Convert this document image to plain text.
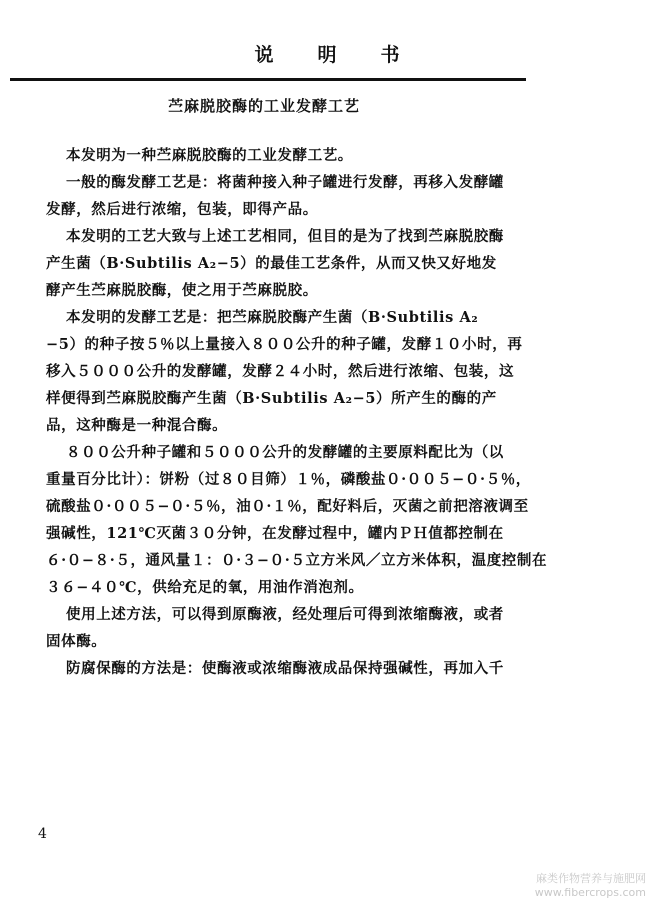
说明书
苎麻脱胶酶的工业发酵工艺
本发明为一种苎麻脱胶酶的工业发酵工艺。
一般的酶发酵工艺是：将菌种接入种子罐进行发酵，再移入发酵罐
发酵，然后进行浓缩，包装，即得产品。
本发明的工艺大致与上述工艺相同，但目的是为了找到苎麻脱胶酶
产生菌（B·Subtilis A₂−5）的最佳工艺条件，从而又快又好地发
酵产生苎麻脱胶酶，使之用于苎麻脱胶。
本发明的发酵工艺是：把苎麻脱胶酶产生菌（B·Subtilis A₂
−5）的种子按５％以上量接入８００公升的种子罐，发酵１０小时，再
移入５０００公升的发酵罐，发酵２４小时，然后进行浓缩、包装，这
样便得到苎麻脱胶酶产生菌（B·Subtilis A₂−5）所产生的酶的产
品，这种酶是一种混合酶。
８００公升种子罐和５０００公升的发酵罐的主要原料配比为（以
重量百分比计）：饼粉（过８０目筛）１％，磷酸盐０·００５−０·５％，
硫酸盐０·００５−０·５％，油０·１％，配好料后，灭菌之前把溶液调至
强碱性，121℃灭菌３０分钟，在发酵过程中，罐内ＰＨ值都控制在
６·０−８·５，通风量１：０·３−０·５立方米风／立方米体积，温度控制在
３６−４０℃，供给充足的氧，用油作消泡剂。
使用上述方法，可以得到原酶液，经处理后可得到浓缩酶液，或者
固体酶。
防腐保酶的方法是：使酶液或浓缩酶液成品保持强碱性，再加入千
4
麻类作物营养与施肥网
www.fibercrops.com
